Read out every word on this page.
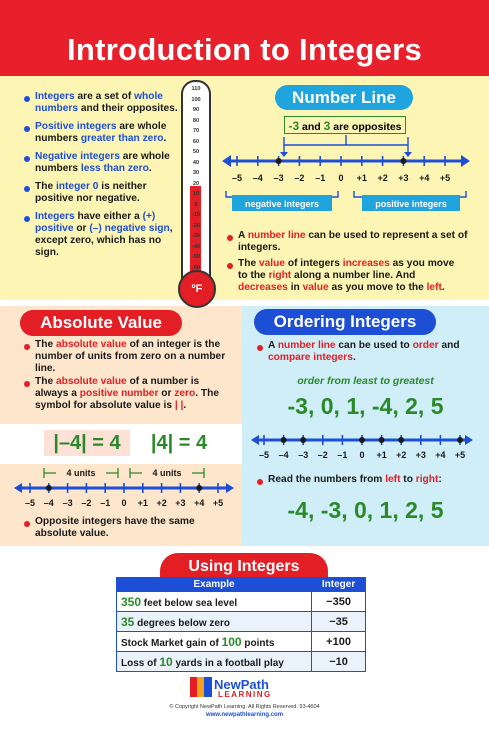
Introduction to Integers
Integers are a set of whole numbers and their opposites.
Positive integers are whole numbers greater than zero.
Negative integers are whole numbers less than zero.
The integer 0 is neither positive nor negative.
Integers have either a (+) positive or (–) negative sign, except zero, which has no sign.
ºF
110
100
90
80
70
60
50
40
30
20
10
0
-10
-20
-30
-40
-50
-60
Number Line
-3 and 3 are opposites
–5 –4 –3 –2 –1 0 +1 +2 +3 +4 +5
negative integers	positive integers
A number line can be used to represent a set of integers.
The value of integers increases as you move to the right along a number line. And decreases in value as you move to the left.
Absolute Value
The absolute value of an integer is the number of units from zero on a number line.
The absolute value of a number is always a positive number or zero. The symbol for absolute value is | |.
|–4| = 4	|4| = 4
4 units	4 units
–5 –4 –3 –2 –1 0 +1 +2 +3 +4 +5
Opposite integers have the same absolute value.
Ordering Integers
A number line can be used to order and compare integers.
order from least to greatest
-3, 0, 1, -4, 2, 5
–5 –4 –3 –2 –1 0 +1 +2 +3 +4 +5
Read the numbers from left to right:
-4, -3, 0, 1, 2, 5
Using Integers
Example	Integer
350 feet below sea level	−350
35 degrees below zero	−35
Stock Market gain of 100 points	+100
Loss of 10 yards in a football play	−10
NewPath
LEARNING
© Copyright NewPath Learning. All Rights Reserved. 93-4604
www.newpathlearning.com
